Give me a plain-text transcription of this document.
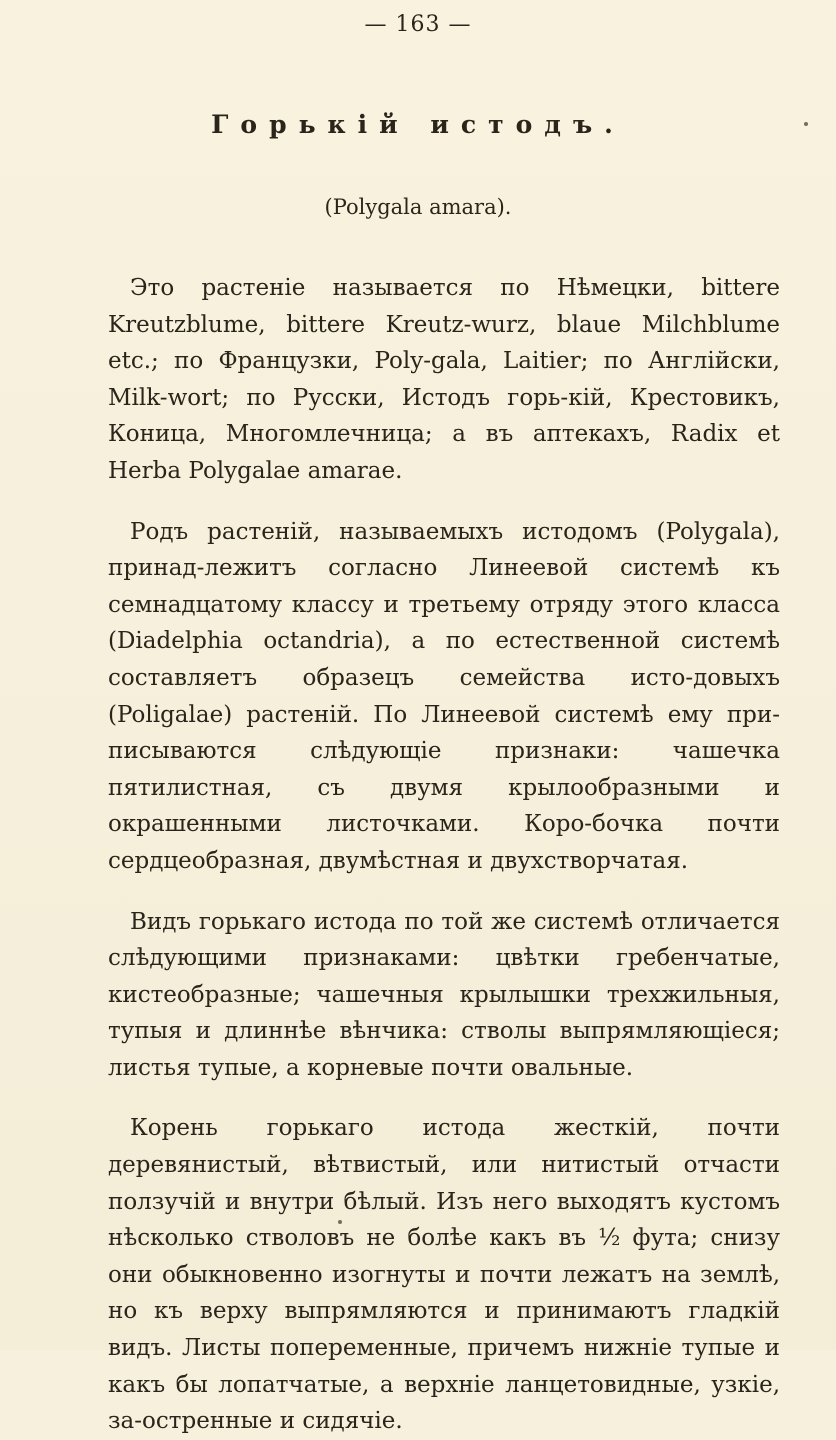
— 163 —
Горькій истодъ.
(Polygala amara).

Это растеніе называется по Нѣмецки, bittere Kreutzblume, bittere Kreutz-wurz, blaue Milchblume etc.; по Французки, Poly-gala, Laitier; по Англійски, Milk-wort; по Русски, Истодъ горь-кій, Крестовикъ, Коница, Многомлечница; а въ аптекахъ, Radix et Herba Polygalae amarae.

Родъ растеній, называемыхъ истодомъ (Polygala), принад-лежитъ согласно Линеевой системѣ къ семнадцатому классу и третьему отряду этого класса (Diadelphia octandria), а по естественной системѣ составляетъ образецъ семейства исто-довыхъ (Poligalae) растеній. По Линеевой системѣ ему при-писываются слѣдующіе признаки: чашечка пятилистная, съ двумя крылообразными и окрашенными листочками. Коро-бочка почти сердцеобразная, двумѣстная и двухстворчатая.

Видъ горькаго истода по той же системѣ отличается слѣдующими признаками: цвѣтки гребенчатые, кистеобразные; чашечныя крылышки трехжильныя, тупыя и длиннѣе вѣнчика: стволы выпрямляющіеся; листья тупые, а корневые почти овальные.

Корень горькаго истода жесткій, почти деревянистый, вѣтвистый, или нитистый отчасти ползучій и внутри бѣлый. Изъ него выходятъ кустомъ нѣсколько стволовъ не болѣе какъ въ ½ фута; снизу они обыкновенно изогнуты и почти лежатъ на землѣ, но къ верху выпрямляются и принимаютъ гладкій видъ. Листы попеременные, причемъ нижніе тупые и какъ бы лопатчатые, а верхніе ланцетовидные, узкіе, за-остренные и сидячіе.
